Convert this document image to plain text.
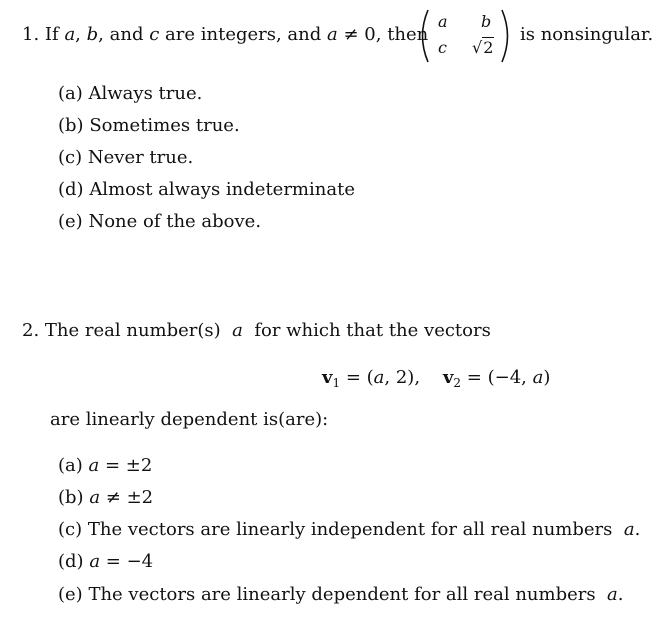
1. If a, b, and c are integers, and a ≠ 0, then
a b
c √2
is nonsingular.
(a) Always true.
(b) Sometimes true.
(c) Never true.
(d) Almost always indeterminate
(e) None of the above.
2. The real number(s) a for which that the vectors
$v_1 = (a$, 2), $v_2 = (-4$, a)
are linearly dependent is(are):
(a) a = ±2
(b) a ≠ ±2
(c) The vectors are linearly independent for all real numbers a.
(d) a = −4
(e) The vectors are linearly dependent for all real numbers a.
